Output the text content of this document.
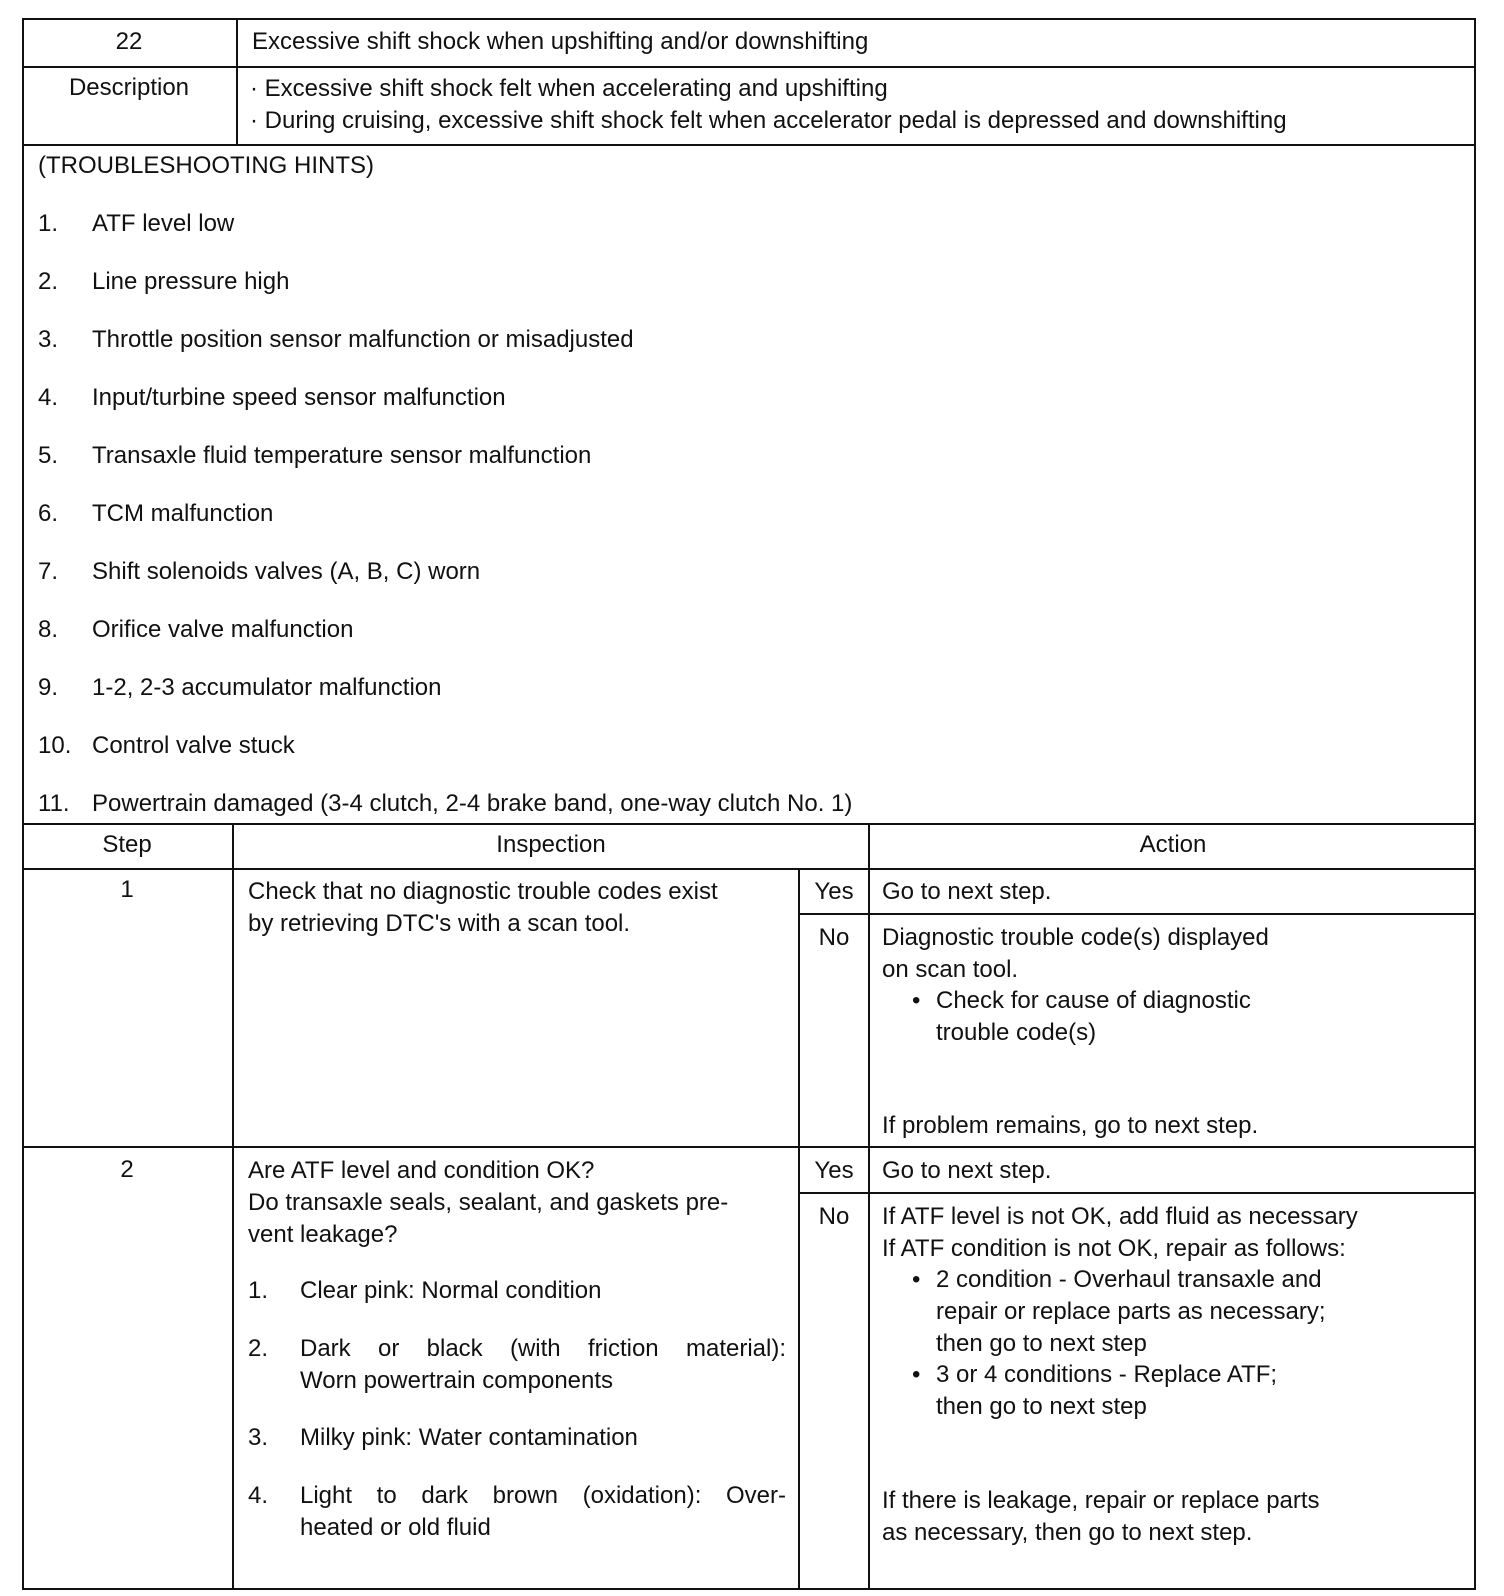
22	Excessive shift shock when upshifting and/or downshifting
Description	· Excessive shift shock felt when accelerating and upshifting
· During cruising, excessive shift shock felt when accelerator pedal is depressed and downshifting
(TROUBLESHOOTING HINTS)
1. ATF level low
2. Line pressure high
3. Throttle position sensor malfunction or misadjusted
4. Input/turbine speed sensor malfunction
5. Transaxle fluid temperature sensor malfunction
6. TCM malfunction
7. Shift solenoids valves (A, B, C) worn
8. Orifice valve malfunction
9. 1-2, 2-3 accumulator malfunction
10. Control valve stuck
11. Powertrain damaged (3-4 clutch, 2-4 brake band, one-way clutch No. 1)
Step	Inspection	Action
1	Check that no diagnostic trouble codes exist
by retrieving DTC's with a scan tool.
Yes	Go to next step.
No	Diagnostic trouble code(s) displayed
on scan tool.
• Check for cause of diagnostic
trouble code(s)
If problem remains, go to next step.
2	Are ATF level and condition OK?
Do transaxle seals, sealant, and gaskets pre-
vent leakage?
1. Clear pink: Normal condition
2. Dark or black (with friction material):
Worn powertrain components
3. Milky pink: Water contamination
4. Light to dark brown (oxidation): Over-
heated or old fluid
Yes	Go to next step.
No	If ATF level is not OK, add fluid as necessary
If ATF condition is not OK, repair as follows:
• 2 condition - Overhaul transaxle and
repair or replace parts as necessary;
then go to next step
• 3 or 4 conditions - Replace ATF;
then go to next step
If there is leakage, repair or replace parts
as necessary, then go to next step.
